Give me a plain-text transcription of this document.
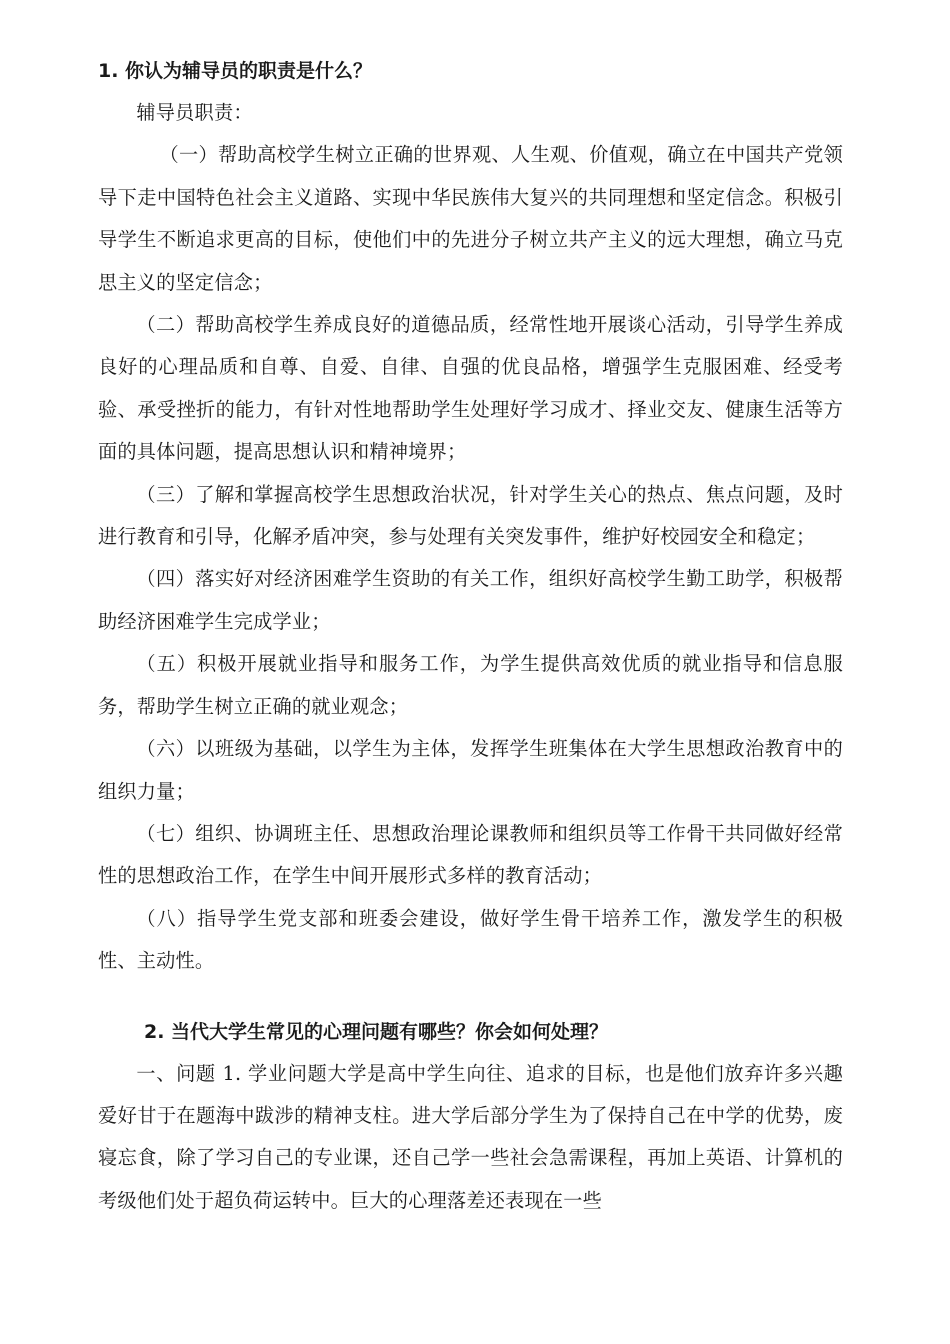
1. 你认为辅导员的职责是什么？

辅导员职责：

（一）帮助高校学生树立正确的世界观、人生观、价值观，确立在中国共产党领导下走中国特色社会主义道路、实现中华民族伟大复兴的共同理想和坚定信念。积极引导学生不断追求更高的目标，使他们中的先进分子树立共产主义的远大理想，确立马克思主义的坚定信念；

（二）帮助高校学生养成良好的道德品质，经常性地开展谈心活动，引导学生养成良好的心理品质和自尊、自爱、自律、自强的优良品格，增强学生克服困难、经受考验、承受挫折的能力，有针对性地帮助学生处理好学习成才、择业交友、健康生活等方面的具体问题，提高思想认识和精神境界；

（三）了解和掌握高校学生思想政治状况，针对学生关心的热点、焦点问题，及时进行教育和引导，化解矛盾冲突，参与处理有关突发事件，维护好校园安全和稳定；

（四）落实好对经济困难学生资助的有关工作，组织好高校学生勤工助学，积极帮助经济困难学生完成学业；

（五）积极开展就业指导和服务工作，为学生提供高效优质的就业指导和信息服务，帮助学生树立正确的就业观念；

（六）以班级为基础，以学生为主体，发挥学生班集体在大学生思想政治教育中的组织力量；

（七）组织、协调班主任、思想政治理论课教师和组织员等工作骨干共同做好经常性的思想政治工作，在学生中间开展形式多样的教育活动；

（八）指导学生党支部和班委会建设，做好学生骨干培养工作，激发学生的积极性、主动性。

2. 当代大学生常见的心理问题有哪些？你会如何处理？

一、问题 1. 学业问题大学是高中学生向往、追求的目标，也是他们放弃许多兴趣爱好甘于在题海中跋涉的精神支柱。进大学后部分学生为了保持自己在中学的优势，废寝忘食，除了学习自己的专业课，还自己学一些社会急需课程，再加上英语、计算机的考级他们处于超负荷运转中。巨大的心理落差还表现在一些
